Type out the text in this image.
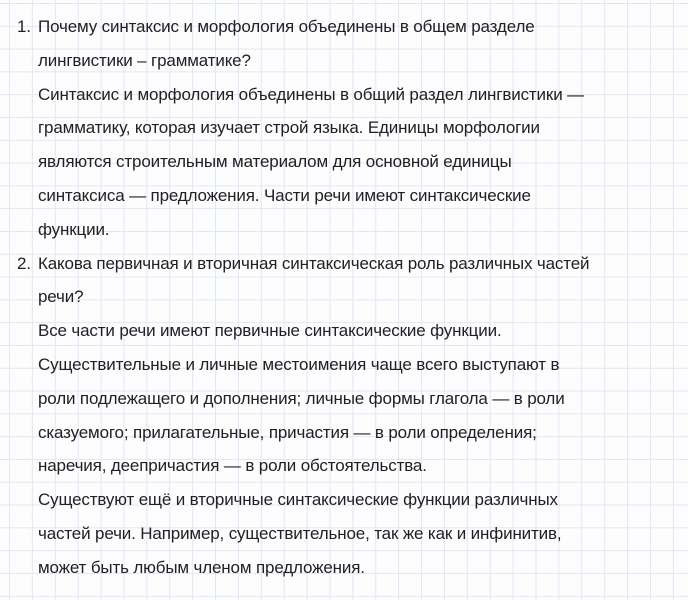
1. Почему синтаксис и морфология объединены в общем разделе
лингвистики – грамматике?
Синтаксис и морфология объединены в общий раздел лингвистики —
грамматику, которая изучает строй языка. Единицы морфологии
являются строительным материалом для основной единицы
синтаксиса — предложения. Части речи имеют синтаксические
функции.
2. Какова первичная и вторичная синтаксическая роль различных частей
речи?
Все части речи имеют первичные синтаксические функции.
Существительные и личные местоимения чаще всего выступают в
роли подлежащего и дополнения; личные формы глагола — в роли
сказуемого; прилагательные, причастия — в роли определения;
наречия, деепричастия — в роли обстоятельства.
Существуют ещё и вторичные синтаксические функции различных
частей речи. Например, существительное, так же как и инфинитив,
может быть любым членом предложения.
